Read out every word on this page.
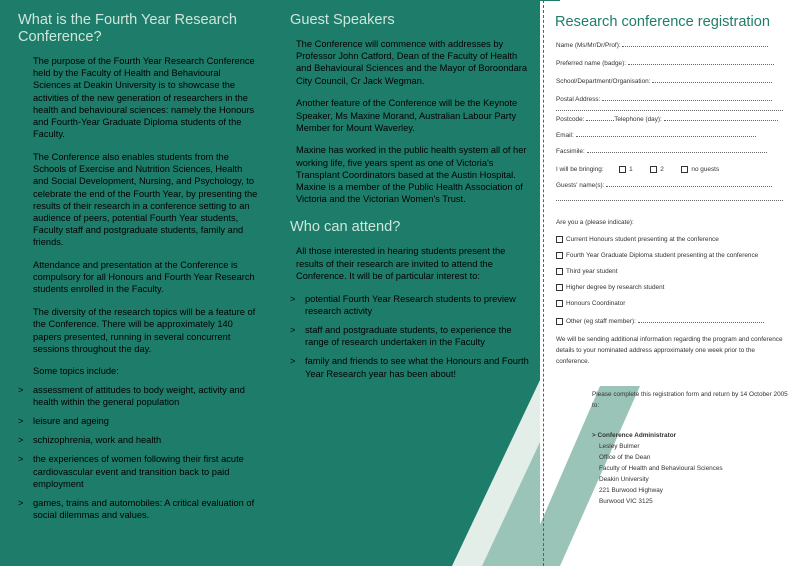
What is the Fourth Year Research Conference?

The purpose of the Fourth Year Research Conference held by the Faculty of Health and Behavioural Sciences at Deakin University is to showcase the activities of the new generation of researchers in the health and behavioural sciences: namely the Honours and Fourth-Year Graduate Diploma students of the Faculty.

The Conference also enables students from the Schools of Exercise and Nutrition Sciences, Health and Social Development, Nursing, and Psychology, to celebrate the end of the Fourth Year, by presenting the results of their research in a conference setting to an audience of peers, potential Fourth Year students, Faculty staff and postgraduate students, family and friends.

Attendance and presentation at the Conference is compulsory for all Honours and Fourth Year Research students enrolled in the Faculty.

The diversity of the research topics will be a feature of the Conference. There will be approximately 140 papers presented, running in several concurrent sessions throughout the day.

Some topics include:

> assessment of attitudes to body weight, activity and health within the general population
> leisure and ageing
> schizophrenia, work and health
> the experiences of women following their first acute cardiovascular event and transition back to paid employment
> games, trains and automobiles: A critical evaluation of social dilemmas and values.
Guest Speakers

The Conference will commence with addresses by Professor John Catford, Dean of the Faculty of Health and Behavioural Sciences and the Mayor of Boroondara City Council, Cr Jack Wegman.

Another feature of the Conference will be the Keynote Speaker, Ms Maxine Morand, Australian Labour Party Member for Mount Waverley.

Maxine has worked in the public health system all of her working life, five years spent as one of Victoria's Transplant Coordinators based at the Austin Hospital. Maxine is a member of the Public Health Association of Victoria and the Victorian Women's Trust.

Who can attend?

All those interested in hearing students present the results of their research are invited to attend the Conference. It will be of particular interest to:

> potential Fourth Year Research students to preview research activity
> staff and postgraduate students, to experience the range of research undertaken in the Faculty
> family and friends to see what the Honours and Fourth Year Research year has been about!
Research conference registration
Name (Ms/Mr/Dr/Prof):
Preferred name (badge):
School/Department/Organisation:
Postal Address:
Postcode:	Telephone (day):
Email:
Facsimile:
I will be bringing:	1	2	no guests
Guests' name(s):
Are you a (please indicate):
Current Honours student presenting at the conference
Fourth Year Graduate Diploma student presenting at the conference
Third year student
Higher degree by research student
Honours Coordinator
Other (eg staff member):
We will be sending additional information regarding the program and conference details to your nominated address approximately one week prior to the conference.
Please complete this registration form and return by 14 October 2005 to:
> Conference Administrator
Lesley Bulmer
Office of the Dean
Faculty of Health and Behavioural Sciences
Deakin University
221 Burwood Highway
Burwood VIC 3125
